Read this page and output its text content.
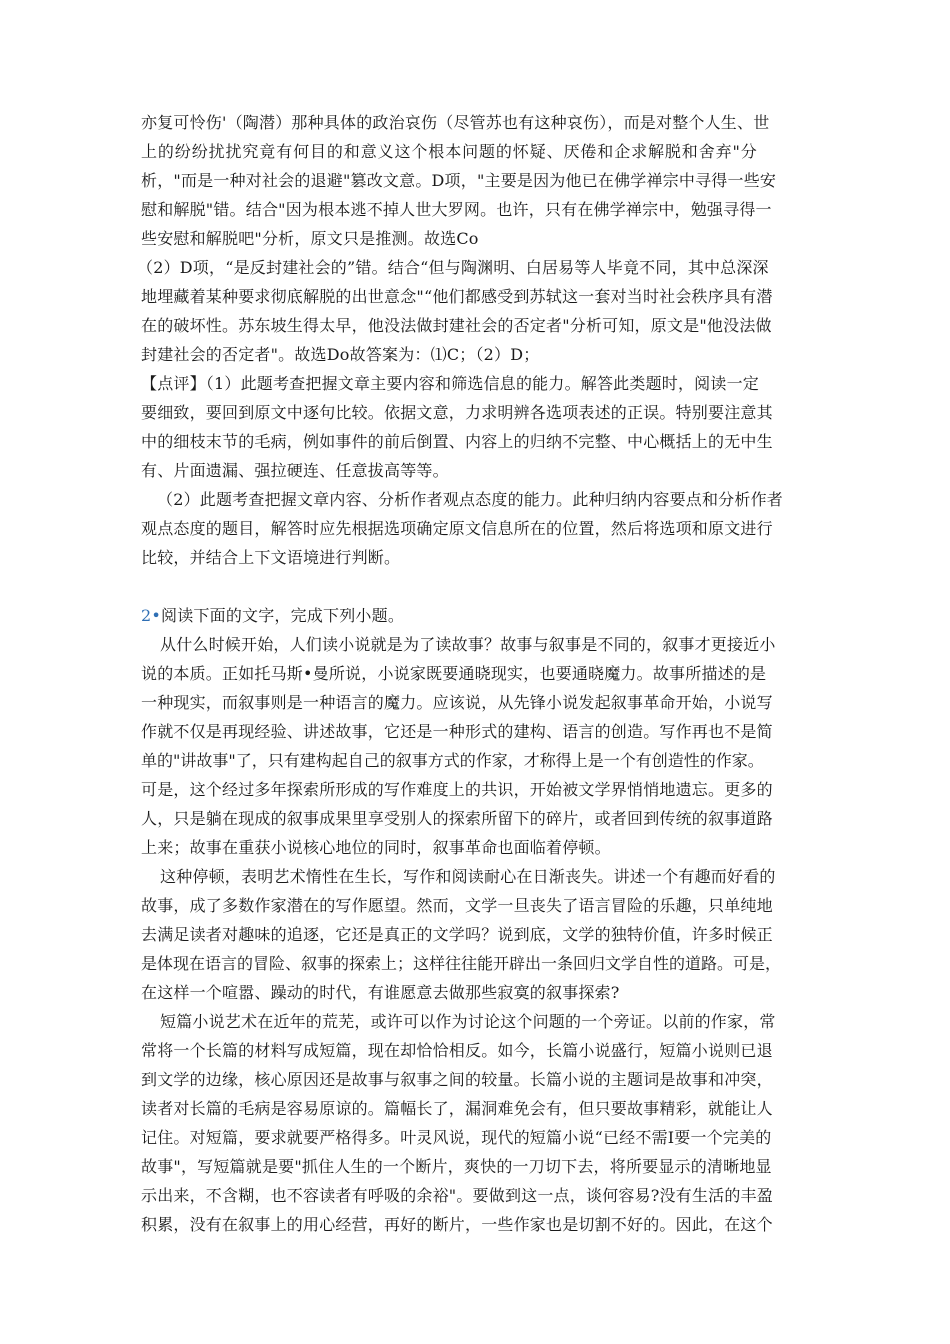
亦复可怜伤'（陶潜）那种具体的政治哀伤（尽管苏也有这种哀伤），而是对整个人生、世
上的纷纷扰扰究竟有何目的和意义这个根本问题的怀疑、厌倦和企求解脱和舍弃"分
析，"而是一种对社会的退避"篡改文意。D项，"主要是因为他已在佛学禅宗中寻得一些安
慰和解脱"错。结合"因为根本逃不掉人世大罗网。也许，只有在佛学禅宗中，勉强寻得一
些安慰和解脱吧"分析，原文只是推测。故选Co
（2）D项，“是反封建社会的”错。结合“但与陶渊明、白居易等人毕竟不同，其中总深深
地埋藏着某种要求彻底解脱的出世意念"“他们都感受到苏轼这一套对当时社会秩序具有潜
在的破坏性。苏东坡生得太早，他没法做封建社会的否定者"分析可知，原文是"他没法做
封建社会的否定者"。故选Do故答案为：⑴C；（2）D；
【点评】（1）此题考查把握文章主要内容和筛选信息的能力。解答此类题时，阅读一定
要细致，要回到原文中逐句比较。依据文意，力求明辨各选项表述的正误。特别要注意其
中的细枝末节的毛病，例如事件的前后倒置、内容上的归纳不完整、中心概括上的无中生
有、片面遗漏、强拉硬连、任意拔高等等。
（2）此题考查把握文章内容、分析作者观点态度的能力。此种归纳内容要点和分析作者
观点态度的题目，解答时应先根据选项确定原文信息所在的位置，然后将选项和原文进行
比较，并结合上下文语境进行判断。
2•阅读下面的文字，完成下列小题。
从什么时候开始，人们读小说就是为了读故事？故事与叙事是不同的，叙事才更接近小
说的本质。正如托马斯•曼所说，小说家既要通晓现实，也要通晓魔力。故事所描述的是
一种现实，而叙事则是一种语言的魔力。应该说，从先锋小说发起叙事革命开始，小说写
作就不仅是再现经验、讲述故事，它还是一种形式的建构、语言的创造。写作再也不是简
单的"讲故事"了，只有建构起自己的叙事方式的作家，才称得上是一个有创造性的作家。
可是，这个经过多年探索所形成的写作难度上的共识，开始被文学界悄悄地遗忘。更多的
人，只是躺在现成的叙事成果里享受别人的探索所留下的碎片，或者回到传统的叙事道路
上来；故事在重获小说核心地位的同时，叙事革命也面临着停顿。
这种停顿，表明艺术惰性在生长，写作和阅读耐心在日渐丧失。讲述一个有趣而好看的
故事，成了多数作家潜在的写作愿望。然而，文学一旦丧失了语言冒险的乐趣，只单纯地
去满足读者对趣味的追逐，它还是真正的文学吗？说到底，文学的独特价值，许多时候正
是体现在语言的冒险、叙事的探索上；这样往往能开辟出一条回归文学自性的道路。可是，
在这样一个喧嚣、躁动的时代，有谁愿意去做那些寂寞的叙事探索?
短篇小说艺术在近年的荒芜，或许可以作为讨论这个问题的一个旁证。以前的作家，常
常将一个长篇的材料写成短篇，现在却恰恰相反。如今，长篇小说盛行，短篇小说则已退
到文学的边缘，核心原因还是故事与叙事之间的较量。长篇小说的主题词是故事和冲突，
读者对长篇的毛病是容易原谅的。篇幅长了，漏洞难免会有，但只要故事精彩，就能让人
记住。对短篇，要求就要严格得多。叶灵风说，现代的短篇小说“已经不需I要一个完美的
故事"，写短篇就是要"抓住人生的一个断片，爽快的一刀切下去，将所要显示的清晰地显
示出来，不含糊，也不容读者有呼吸的余裕"。要做到这一点，谈何容易?没有生活的丰盈
积累，没有在叙事上的用心经营，再好的断片，一些作家也是切割不好的。因此，在这个
